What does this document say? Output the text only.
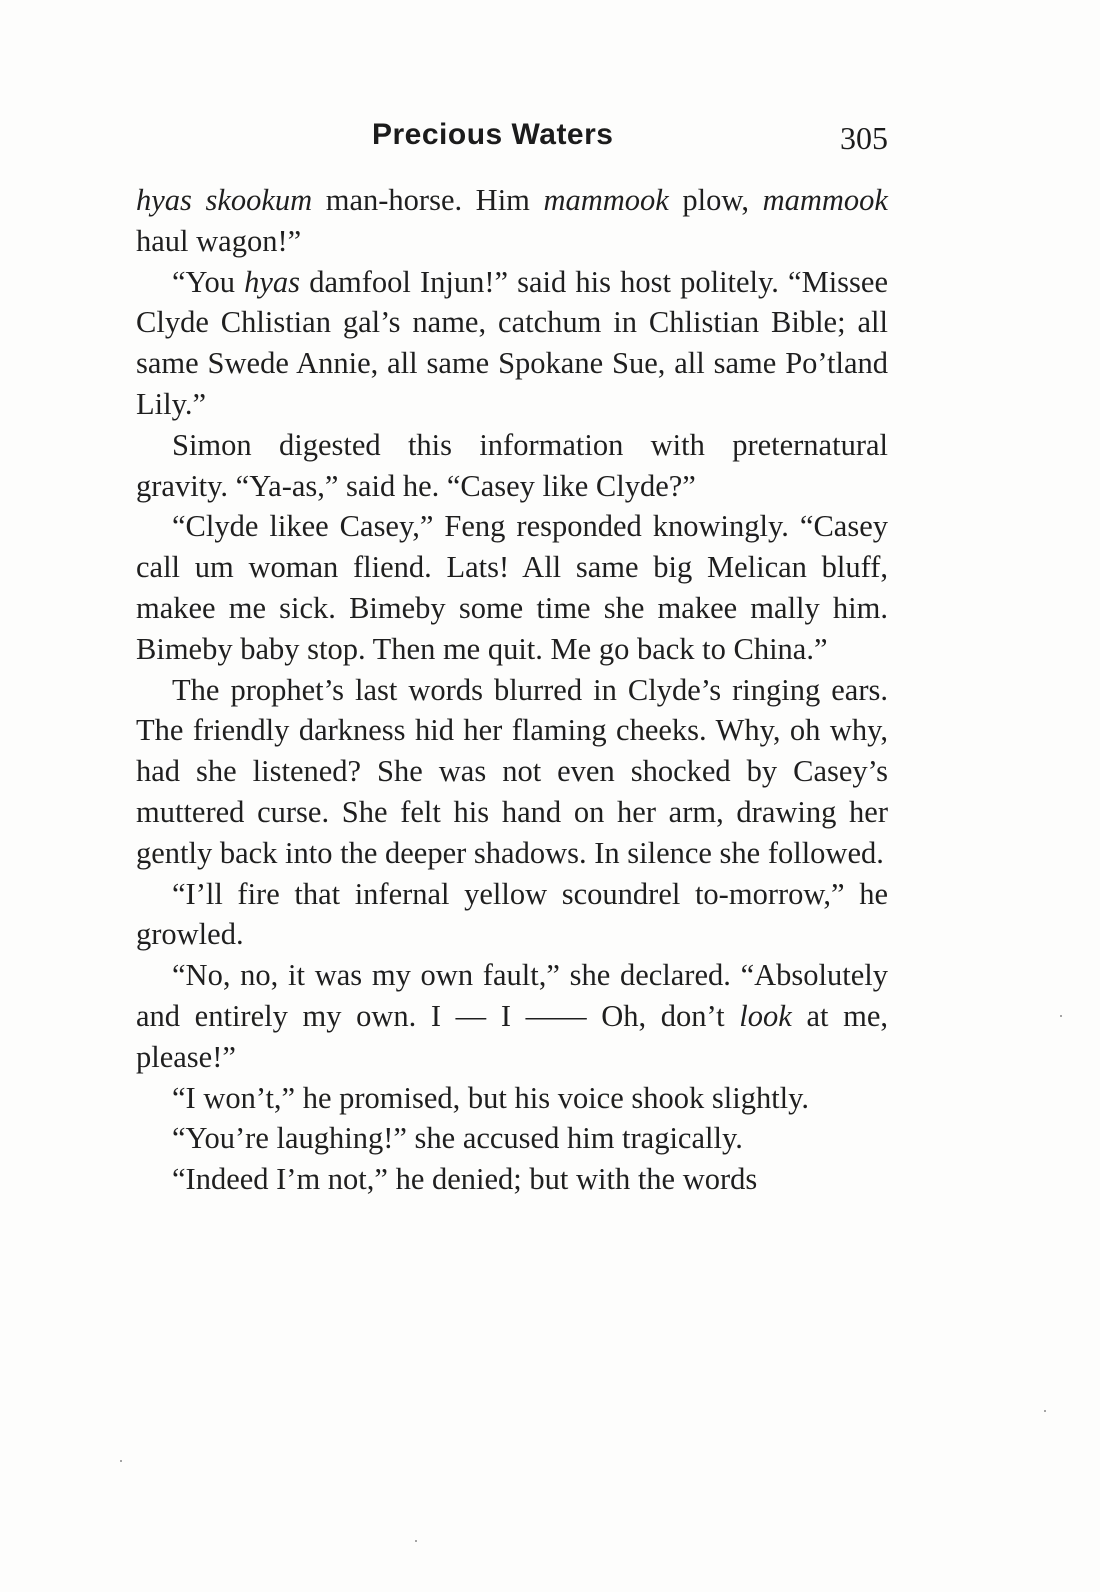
Precious Waters	305

hyas skookum man-horse. Him mammook plow, mammook haul wagon!”

“You hyas damfool Injun!” said his host politely. “Missee Clyde Chlistian gal’s name, catchum in Chlistian Bible; all same Swede Annie, all same Spokane Sue, all same Po’tland Lily.”

Simon digested this information with preternatural gravity. “Ya-as,” said he. “Casey like Clyde?”

“Clyde likee Casey,” Feng responded knowingly. “Casey call um woman fliend. Lats! All same big Melican bluff, makee me sick. Bimeby some time she makee mally him. Bimeby baby stop. Then me quit. Me go back to China.”

The prophet’s last words blurred in Clyde’s ringing ears. The friendly darkness hid her flaming cheeks. Why, oh why, had she listened? She was not even shocked by Casey’s muttered curse. She felt his hand on her arm, drawing her gently back into the deeper shadows. In silence she followed.

“I’ll fire that infernal yellow scoundrel to-morrow,” he growled.

“No, no, it was my own fault,” she declared. “Absolutely and entirely my own. I — I —— Oh, don’t look at me, please!”

“I won’t,” he promised, but his voice shook slightly.

“You’re laughing!” she accused him tragically.

“Indeed I’m not,” he denied; but with the words
